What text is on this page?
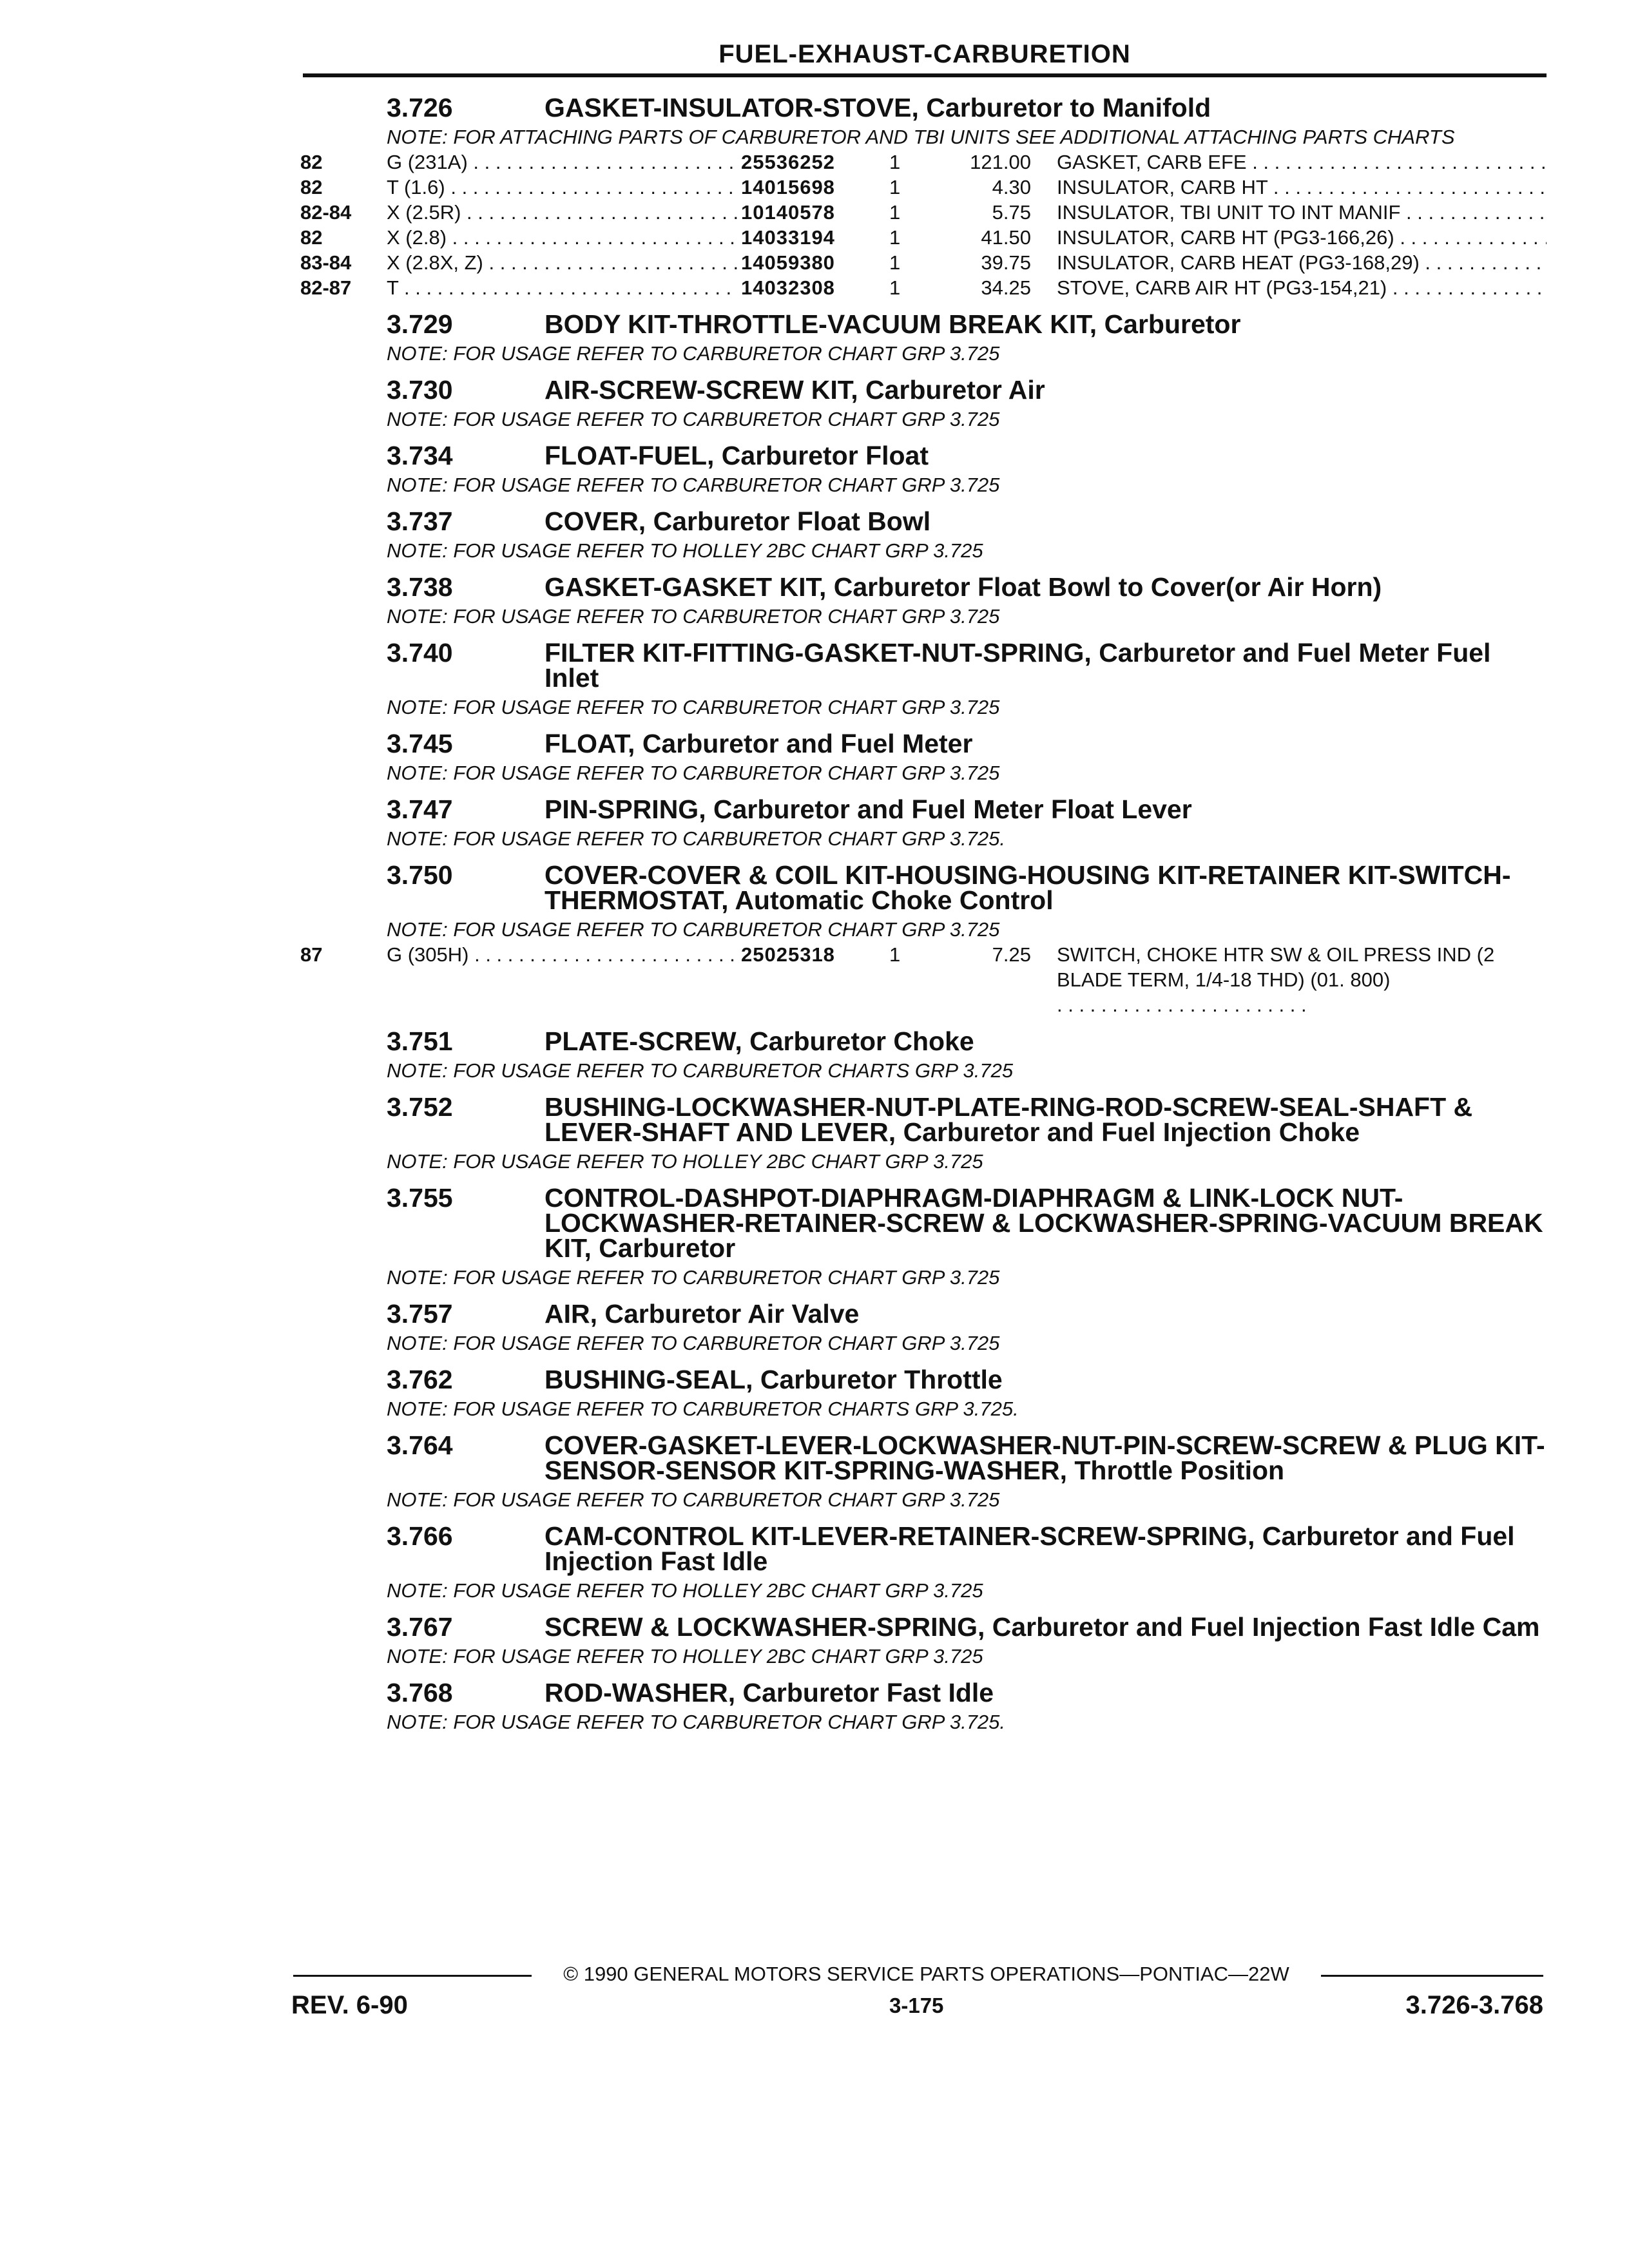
FUEL-EXHAUST-CARBURETION
3.726	GASKET-INSULATOR-STOVE, Carburetor to Manifold
NOTE: FOR ATTACHING PARTS OF CARBURETOR AND TBI UNITS SEE ADDITIONAL ATTACHING PARTS CHARTS
82	G (231A) . . .	25536252	1	121.00 GASKET, CARB EFE . . .
82	T (1.6) . . .	14015698	1	4.30 INSULATOR, CARB HT . . .
82-84	X (2.5R) . . .	10140578	1	5.75 INSULATOR, TBI UNIT TO INT MANIF . . .
82	X (2.8) . . .	14033194	1	41.50 INSULATOR, CARB HT (PG3-166,26) . . .
83-84	X (2.8X, Z) . . .	14059380	1	39.75 INSULATOR, CARB HEAT (PG3-168,29) . . .
82-87	T . . .	14032308	1	34.25 STOVE, CARB AIR HT (PG3-154,21) . . .
3.729	BODY KIT-THROTTLE-VACUUM BREAK KIT, Carburetor
NOTE: FOR USAGE REFER TO CARBURETOR CHART GRP 3.725
3.730	AIR-SCREW-SCREW KIT, Carburetor Air
NOTE: FOR USAGE REFER TO CARBURETOR CHART GRP 3.725
3.734	FLOAT-FUEL, Carburetor Float
NOTE: FOR USAGE REFER TO CARBURETOR CHART GRP 3.725
3.737	COVER, Carburetor Float Bowl
NOTE: FOR USAGE REFER TO HOLLEY 2BC CHART GRP 3.725
3.738	GASKET-GASKET KIT, Carburetor Float Bowl to Cover(or Air Horn)
NOTE: FOR USAGE REFER TO CARBURETOR CHART GRP 3.725
3.740	FILTER KIT-FITTING-GASKET-NUT-SPRING, Carburetor and Fuel Meter Fuel Inlet
NOTE: FOR USAGE REFER TO CARBURETOR CHART GRP 3.725
3.745	FLOAT, Carburetor and Fuel Meter
NOTE: FOR USAGE REFER TO CARBURETOR CHART GRP 3.725
3.747	PIN-SPRING, Carburetor and Fuel Meter Float Lever
NOTE: FOR USAGE REFER TO CARBURETOR CHART GRP 3.725.
3.750	COVER-COVER & COIL KIT-HOUSING-HOUSING KIT-RETAINER KIT-SWITCH-THERMOSTAT, Automatic Choke Control
NOTE: FOR USAGE REFER TO CARBURETOR CHART GRP 3.725
87	G (305H) . . .	25025318	1	7.25 SWITCH, CHOKE HTR SW & OIL PRESS IND (2 BLADE TERM, 1/4-18 THD) (01. 800) . . . . . . . . . . . . . . . . . . . . . . .
3.751	PLATE-SCREW, Carburetor Choke
NOTE: FOR USAGE REFER TO CARBURETOR CHARTS GRP 3.725
3.752	BUSHING-LOCKWASHER-NUT-PLATE-RING-ROD-SCREW-SEAL-SHAFT & LEVER-SHAFT AND LEVER, Carburetor and Fuel Injection Choke
NOTE: FOR USAGE REFER TO HOLLEY 2BC CHART GRP 3.725
3.755	CONTROL-DASHPOT-DIAPHRAGM-DIAPHRAGM & LINK-LOCK NUT-LOCKWASHER-RETAINER-SCREW & LOCKWASHER-SPRING-VACUUM BREAK KIT, Carburetor
NOTE: FOR USAGE REFER TO CARBURETOR CHART GRP 3.725
3.757	AIR, Carburetor Air Valve
NOTE: FOR USAGE REFER TO CARBURETOR CHART GRP 3.725
3.762	BUSHING-SEAL, Carburetor Throttle
NOTE: FOR USAGE REFER TO CARBURETOR CHARTS GRP 3.725.
3.764	COVER-GASKET-LEVER-LOCKWASHER-NUT-PIN-SCREW-SCREW & PLUG KIT-SENSOR-SENSOR KIT-SPRING-WASHER, Throttle Position
NOTE: FOR USAGE REFER TO CARBURETOR CHART GRP 3.725
3.766	CAM-CONTROL KIT-LEVER-RETAINER-SCREW-SPRING, Carburetor and Fuel Injection Fast Idle
NOTE: FOR USAGE REFER TO HOLLEY 2BC CHART GRP 3.725
3.767	SCREW & LOCKWASHER-SPRING, Carburetor and Fuel Injection Fast Idle Cam
NOTE: FOR USAGE REFER TO HOLLEY 2BC CHART GRP 3.725
3.768	ROD-WASHER, Carburetor Fast Idle
NOTE: FOR USAGE REFER TO CARBURETOR CHART GRP 3.725.
© 1990 GENERAL MOTORS SERVICE PARTS OPERATIONS—PONTIAC—22W
REV. 6-90	3-175	3.726-3.768
